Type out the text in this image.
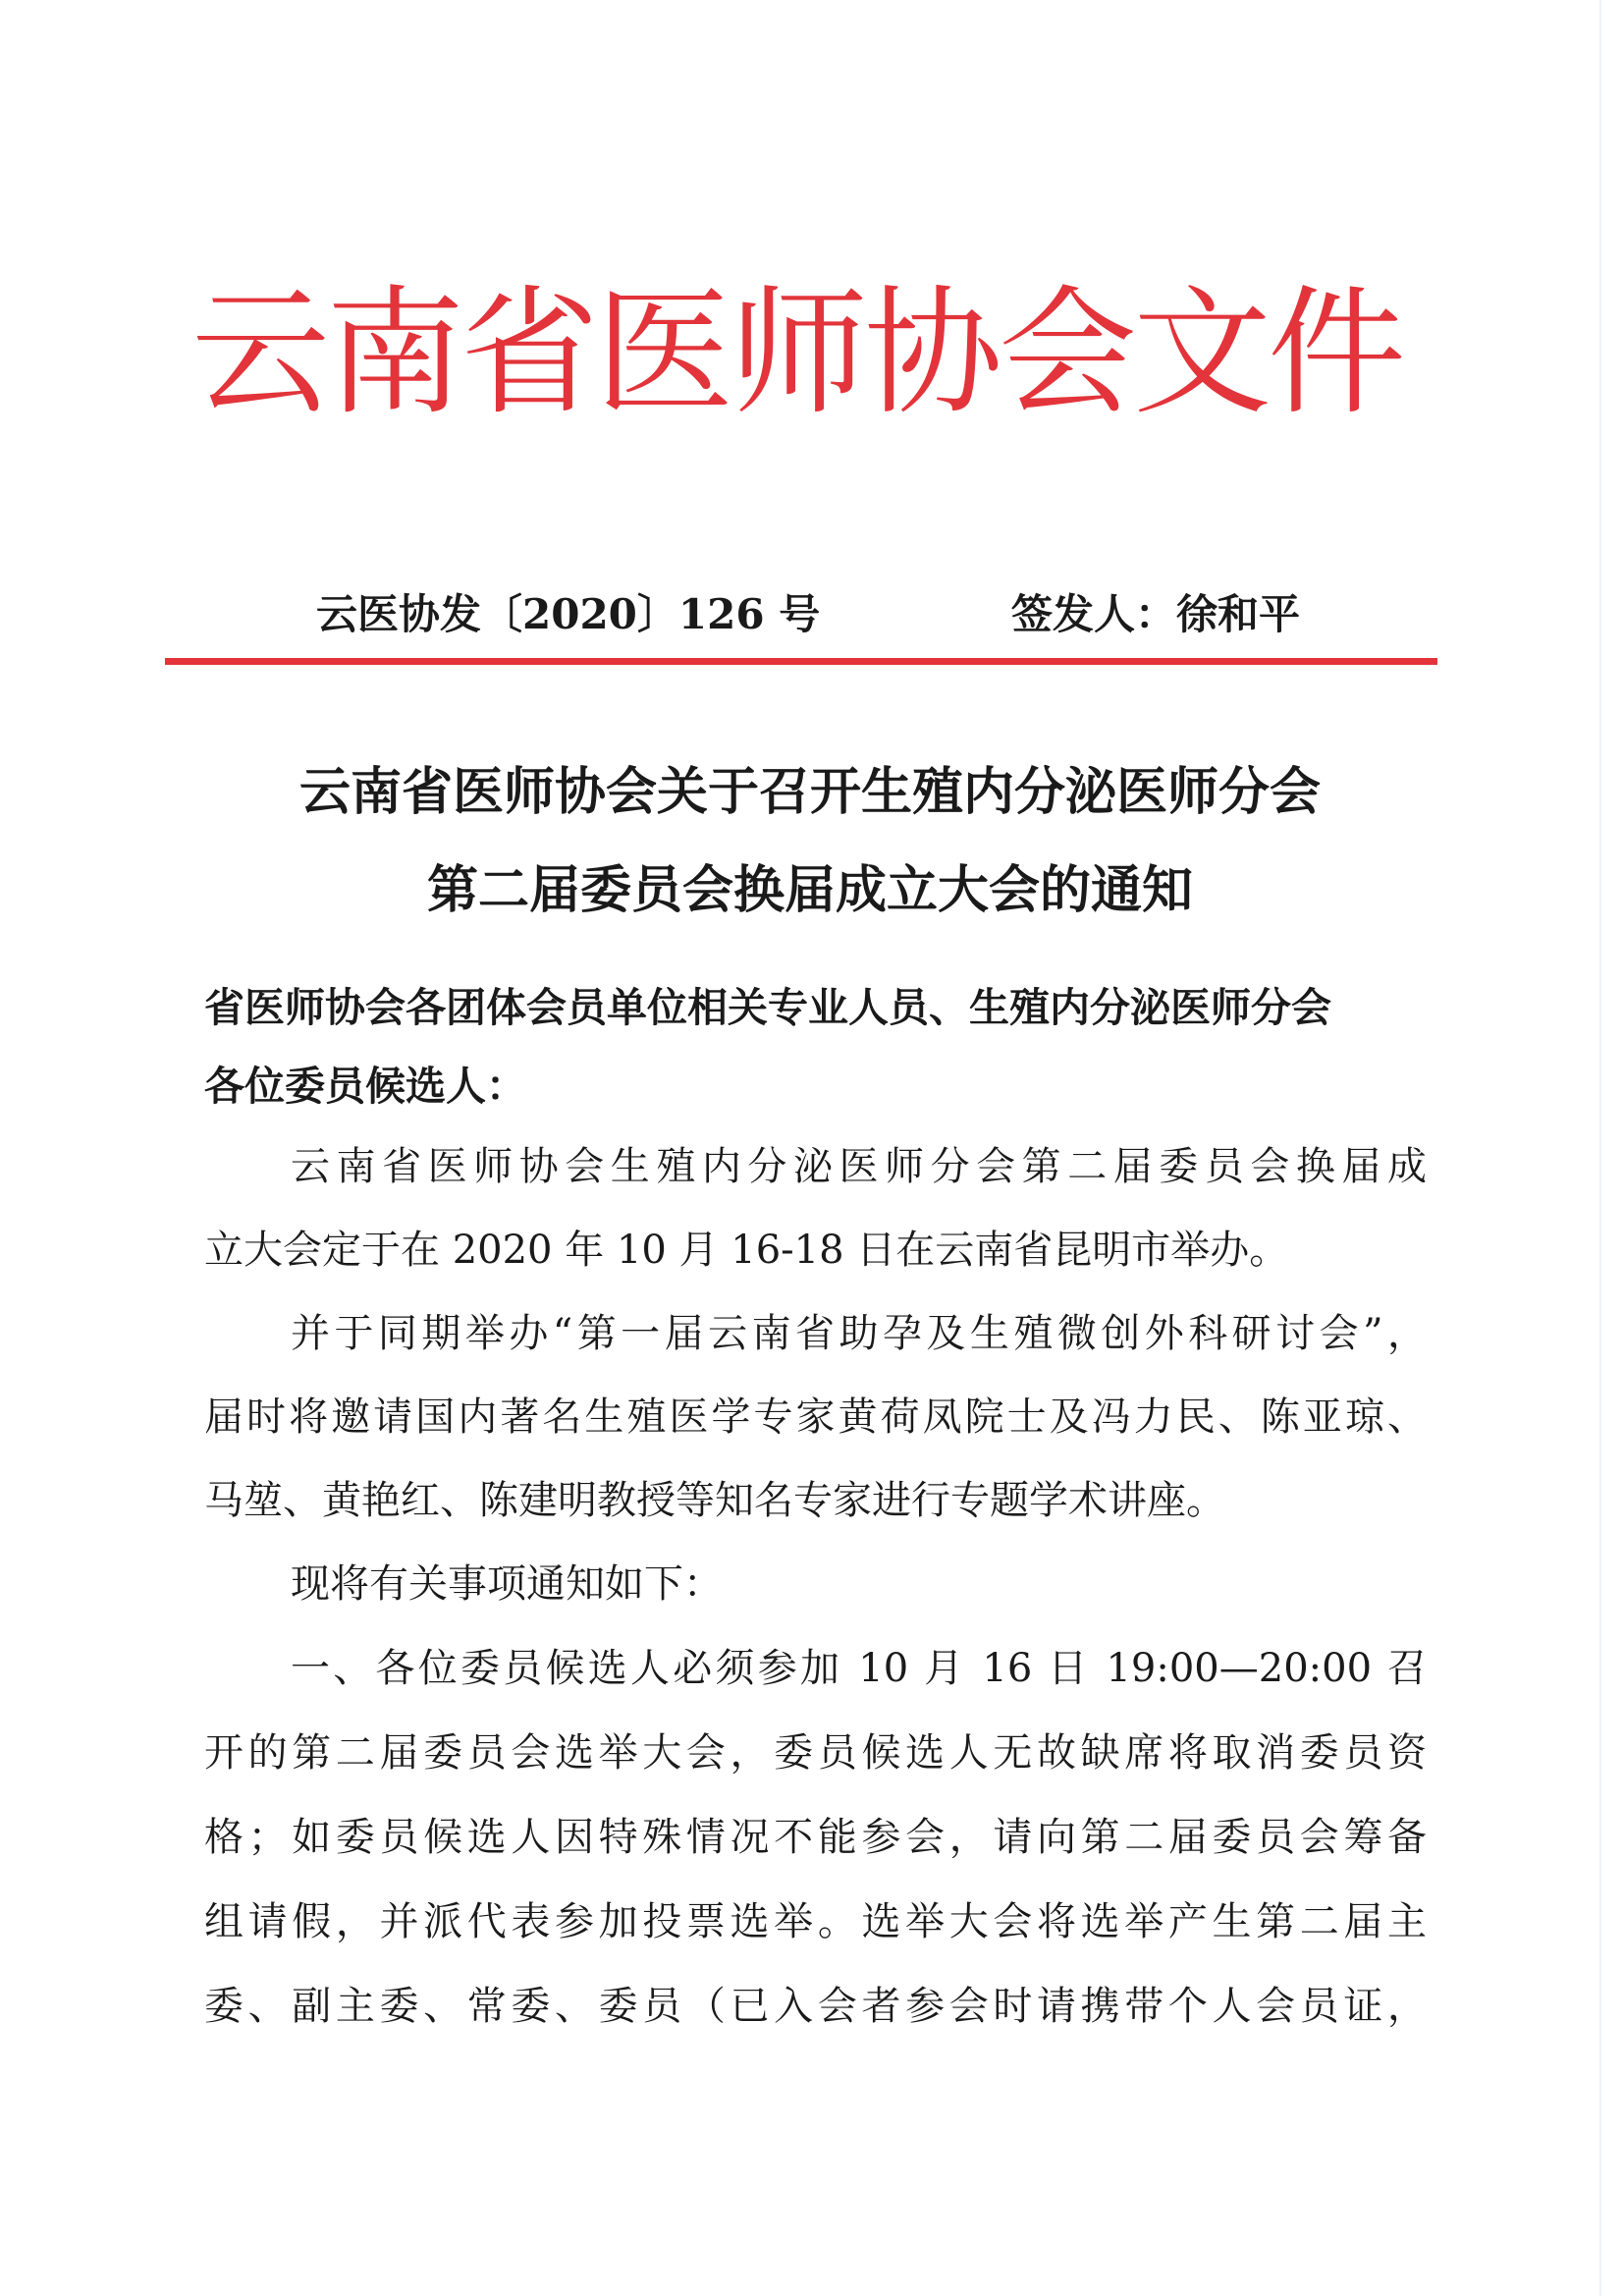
云南省医师协会文件
云医协发〔2020〕126 号	签发人：徐和平
云南省医师协会关于召开生殖内分泌医师分会
第二届委员会换届成立大会的通知
省医师协会各团体会员单位相关专业人员、生殖内分泌医师分会
各位委员候选人：
云南省医师协会生殖内分泌医师分会第二届委员会换届成
立大会定于在 2020 年 10 月 16-18 日在云南省昆明市举办。
并于同期举办“第一届云南省助孕及生殖微创外科研讨会”，
届时将邀请国内著名生殖医学专家黄荷凤院士及冯力民、陈亚琼、
马堃、黄艳红、陈建明教授等知名专家进行专题学术讲座。
现将有关事项通知如下：
一、各位委员候选人必须参加 10 月 16 日 19:00—20:00 召
开的第二届委员会选举大会，委员候选人无故缺席将取消委员资
格；如委员候选人因特殊情况不能参会，请向第二届委员会筹备
组请假，并派代表参加投票选举。选举大会将选举产生第二届主
委、副主委、常委、委员（已入会者参会时请携带个人会员证，
